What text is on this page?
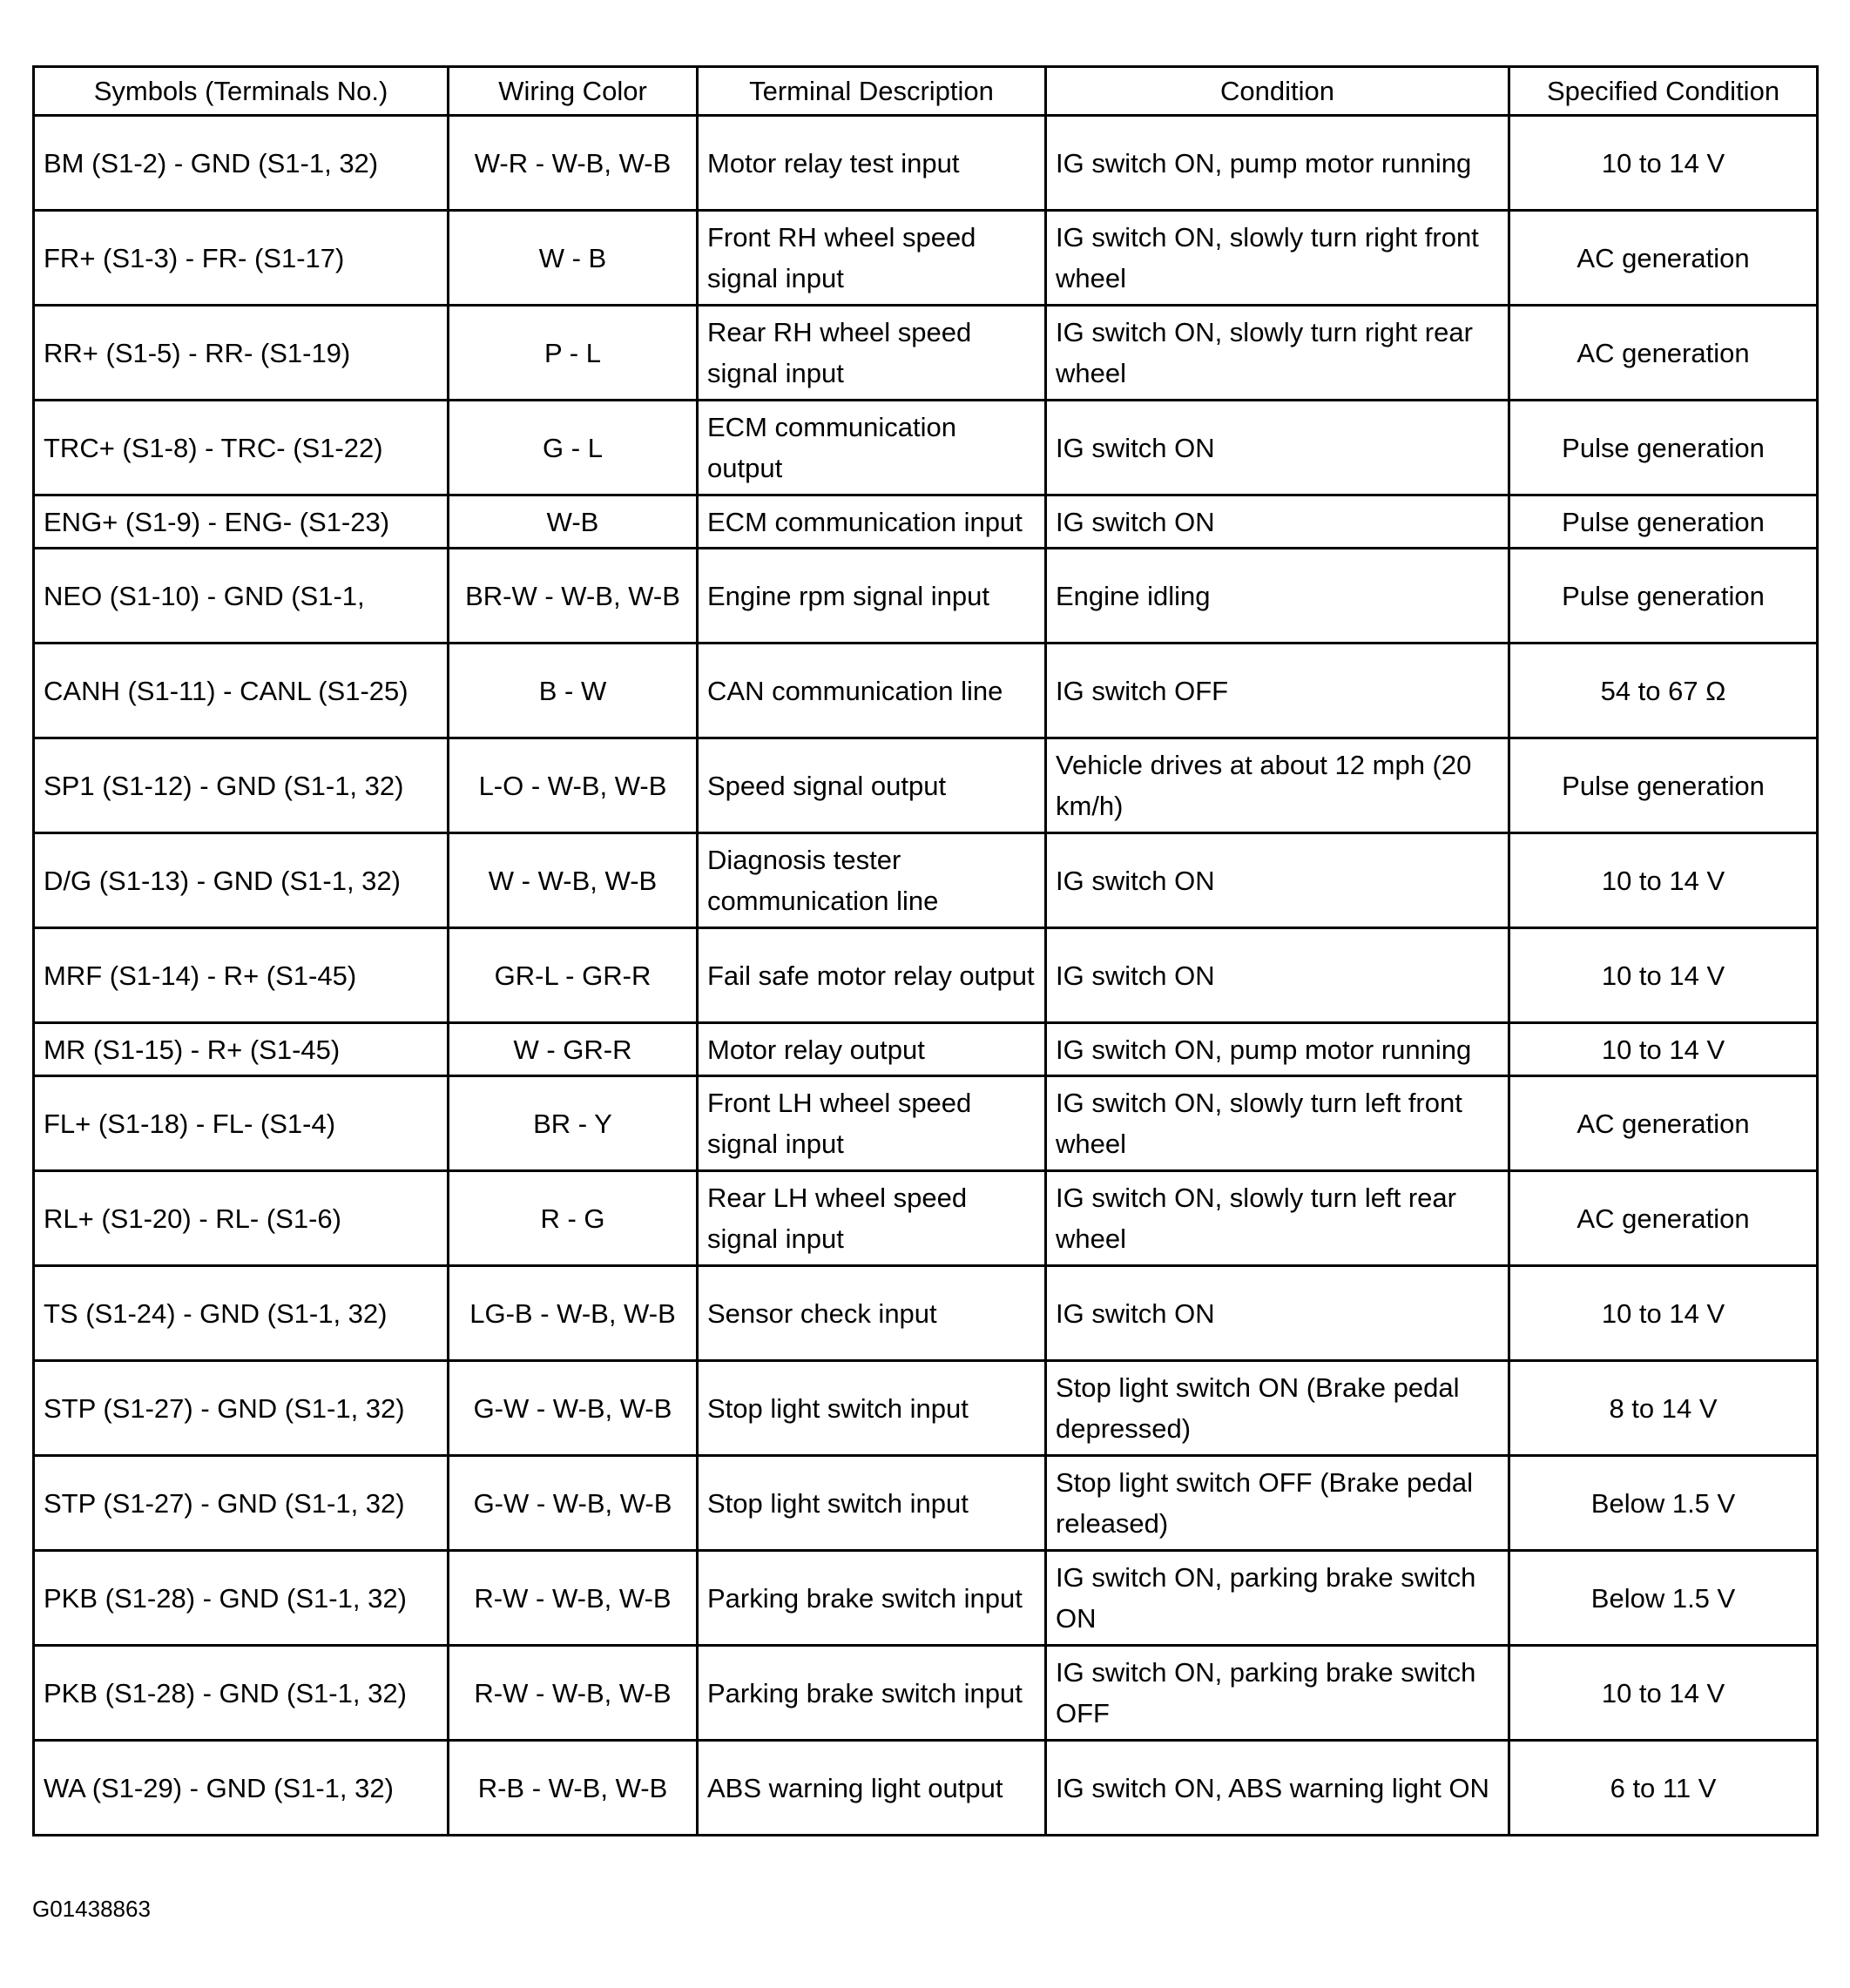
Symbols (Terminals No.)	Wiring Color	Terminal Description	Condition	Specified Condition
BM (S1-2) - GND (S1-1, 32)	W-R - W-B, W-B	Motor relay test input	IG switch ON, pump motor running	10 to 14 V
FR+ (S1-3) - FR- (S1-17)	W - B	Front RH wheel speed signal input	IG switch ON, slowly turn right front wheel	AC generation
RR+ (S1-5) - RR- (S1-19)	P - L	Rear RH wheel speed signal input	IG switch ON, slowly turn right rear wheel	AC generation
TRC+ (S1-8) - TRC- (S1-22)	G - L	ECM communication output	IG switch ON	Pulse generation
ENG+ (S1-9) - ENG- (S1-23)	W-B	ECM communication input	IG switch ON	Pulse generation
NEO (S1-10) - GND (S1-1,	BR-W - W-B, W-B	Engine rpm signal input	Engine idling	Pulse generation
CANH (S1-11) - CANL (S1-25)	B - W	CAN communication line	IG switch OFF	54 to 67 Ω
SP1 (S1-12) - GND (S1-1, 32)	L-O - W-B, W-B	Speed signal output	Vehicle drives at about 12 mph (20 km/h)	Pulse generation
D/G (S1-13) - GND (S1-1, 32)	W - W-B, W-B	Diagnosis tester communication line	IG switch ON	10 to 14 V
MRF (S1-14) - R+ (S1-45)	GR-L - GR-R	Fail safe motor relay output	IG switch ON	10 to 14 V
MR (S1-15) - R+ (S1-45)	W - GR-R	Motor relay output	IG switch ON, pump motor running	10 to 14 V
FL+ (S1-18) - FL- (S1-4)	BR - Y	Front LH wheel speed signal input	IG switch ON, slowly turn left front wheel	AC generation
RL+ (S1-20) - RL- (S1-6)	R - G	Rear LH wheel speed signal input	IG switch ON, slowly turn left rear wheel	AC generation
TS (S1-24) - GND (S1-1, 32)	LG-B - W-B, W-B	Sensor check input	IG switch ON	10 to 14 V
STP (S1-27) - GND (S1-1, 32)	G-W - W-B, W-B	Stop light switch input	Stop light switch ON (Brake pedal depressed)	8 to 14 V
STP (S1-27) - GND (S1-1, 32)	G-W - W-B, W-B	Stop light switch input	Stop light switch OFF (Brake pedal released)	Below 1.5 V
PKB (S1-28) - GND (S1-1, 32)	R-W - W-B, W-B	Parking brake switch input	IG switch ON, parking brake switch ON	Below 1.5 V
PKB (S1-28) - GND (S1-1, 32)	R-W - W-B, W-B	Parking brake switch input	IG switch ON, parking brake switch OFF	10 to 14 V
WA (S1-29) - GND (S1-1, 32)	R-B - W-B, W-B	ABS warning light output	IG switch ON, ABS warning light ON	6 to 11 V
G01438863
